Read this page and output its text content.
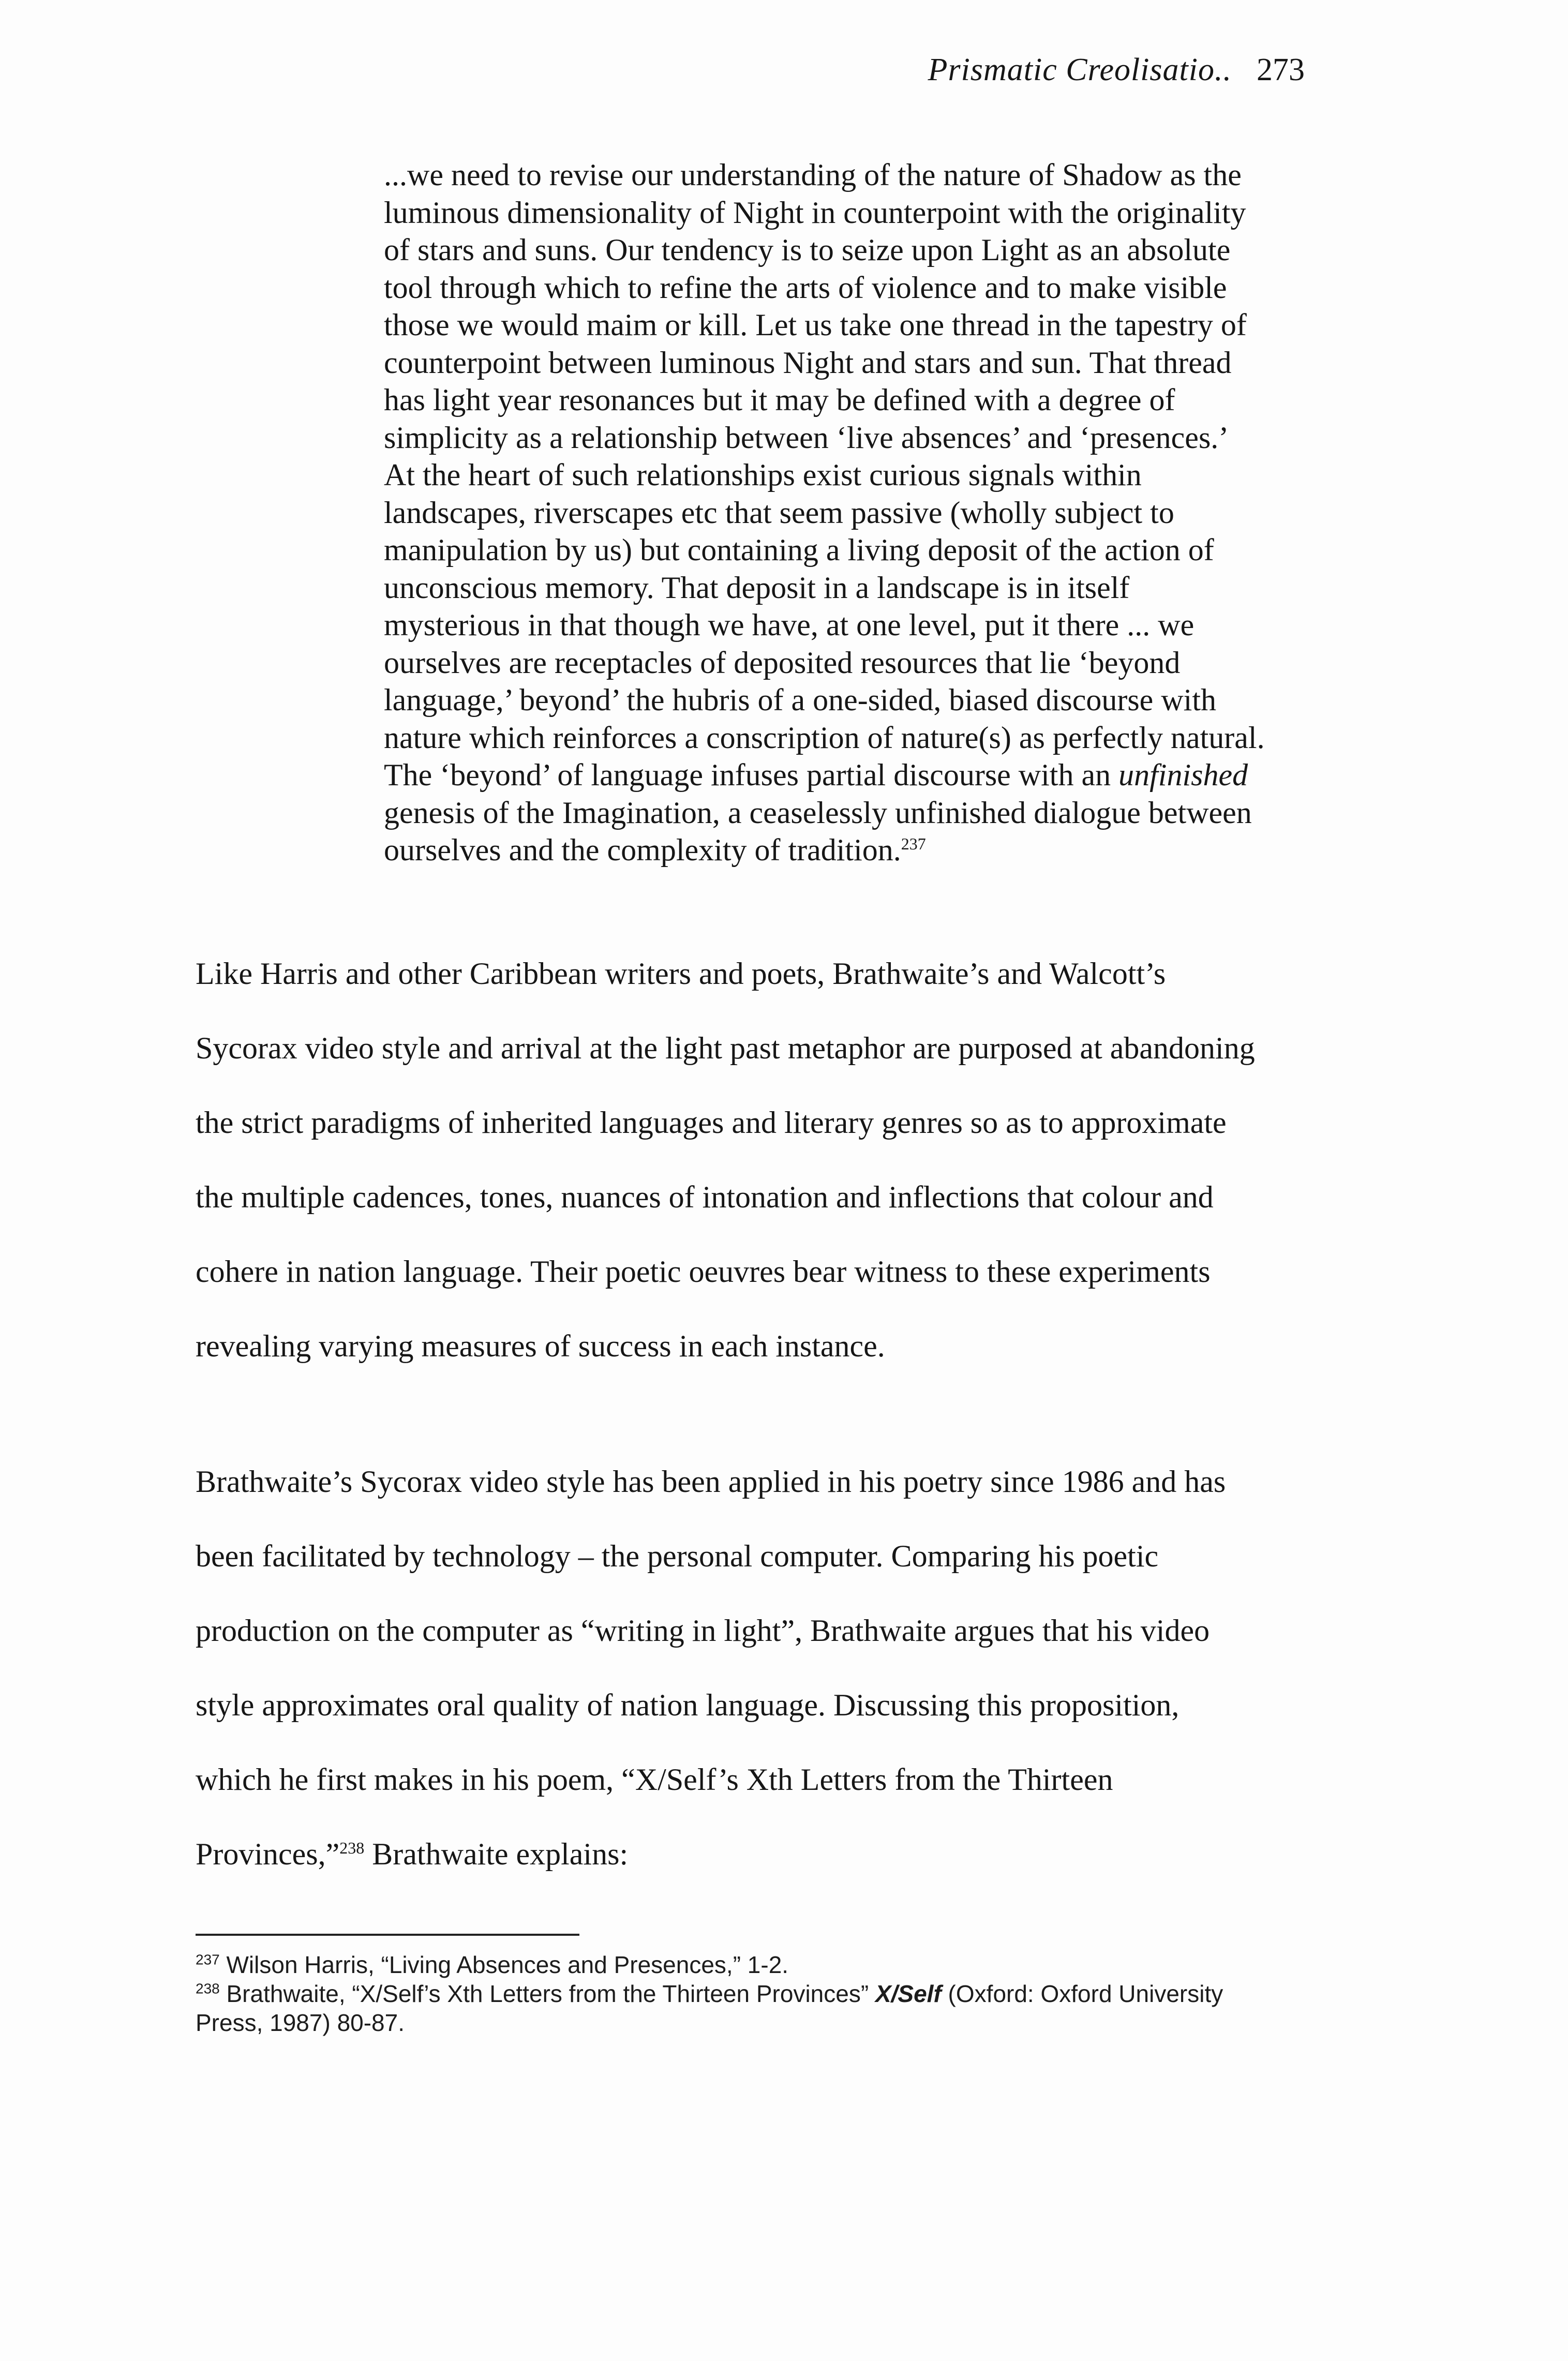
Prismatic Creolisatio.. 273
...we need to revise our understanding of the nature of Shadow as the
luminous dimensionality of Night in counterpoint with the originality
of stars and suns. Our tendency is to seize upon Light as an absolute
tool through which to refine the arts of violence and to make visible
those we would maim or kill. Let us take one thread in the tapestry of
counterpoint between luminous Night and stars and sun. That thread
has light year resonances but it may be defined with a degree of
simplicity as a relationship between ‘live absences’ and ‘presences.’
At the heart of such relationships exist curious signals within
landscapes, riverscapes etc that seem passive (wholly subject to
manipulation by us) but containing a living deposit of the action of
unconscious memory. That deposit in a landscape is in itself
mysterious in that though we have, at one level, put it there ... we
ourselves are receptacles of deposited resources that lie ‘beyond
language,’ beyond’ the hubris of a one-sided, biased discourse with
nature which reinforces a conscription of nature(s) as perfectly natural.
The ‘beyond’ of language infuses partial discourse with an unfinished
genesis of the Imagination, a ceaselessly unfinished dialogue between
ourselves and the complexity of tradition.$^{237}$
Like Harris and other Caribbean writers and poets, Brathwaite’s and Walcott’s
Sycorax video style and arrival at the light past metaphor are purposed at abandoning
the strict paradigms of inherited languages and literary genres so as to approximate
the multiple cadences, tones, nuances of intonation and inflections that colour and
cohere in nation language. Their poetic oeuvres bear witness to these experiments
revealing varying measures of success in each instance.
Brathwaite’s Sycorax video style has been applied in his poetry since 1986 and has
been facilitated by technology – the personal computer. Comparing his poetic
production on the computer as “writing in light”, Brathwaite argues that his video
style approximates oral quality of nation language. Discussing this proposition,
which he first makes in his poem, “X/Self’s Xth Letters from the Thirteen
Provinces,”$^{238}$ Brathwaite explains:
$^{237}$ Wilson Harris, “Living Absences and Presences,” 1-2.
$^{238}$ Brathwaite, “X/Self’s Xth Letters from the Thirteen Provinces” X/Self (Oxford: Oxford University
Press, 1987) 80-87.
